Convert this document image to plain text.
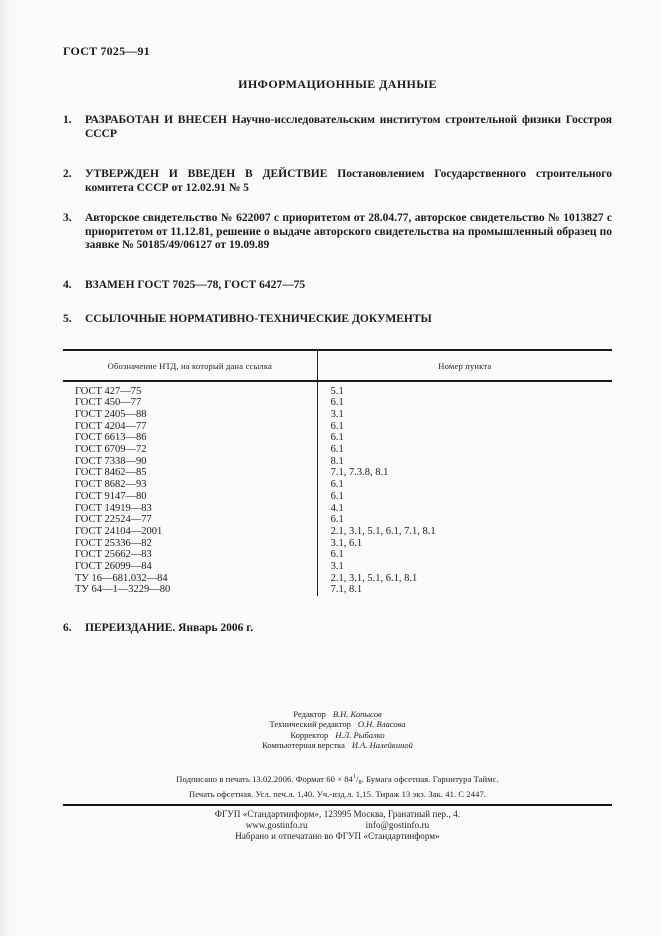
ГОСТ 7025—91
ИНФОРМАЦИОННЫЕ ДАННЫЕ
1. РАЗРАБОТАН И ВНЕСЕН Научно-исследовательским институтом строительной физики Госстроя СССР
2. УТВЕРЖДЕН И ВВЕДЕН В ДЕЙСТВИЕ Постановлением Государственного строительного комитета СССР от 12.02.91 № 5
3. Авторское свидетельство № 622007 с приоритетом от 28.04.77, авторское свидетельство № 1013827 с приоритетом от 11.12.81, решение о выдаче авторского свидетельства на промышленный образец по заявке № 50185/49/06127 от 19.09.89
4. ВЗАМЕН ГОСТ 7025—78, ГОСТ 6427—75
5. ССЫЛОЧНЫЕ НОРМАТИВНО-ТЕХНИЧЕСКИЕ ДОКУМЕНТЫ
Обозначение НТД, на который дана ссылка	Номер пункта
ГОСТ 427—75	5.1
ГОСТ 450—77	6.1
ГОСТ 2405—88	3.1
ГОСТ 4204—77	6.1
ГОСТ 6613—86	6.1
ГОСТ 6709—72	6.1
ГОСТ 7338—90	8.1
ГОСТ 8462—85	7.1, 7.3.8, 8.1
ГОСТ 8682—93	6.1
ГОСТ 9147—80	6.1
ГОСТ 14919—83	4.1
ГОСТ 22524—77	6.1
ГОСТ 24104—2001	2.1, 3.1, 5.1, 6.1, 7.1, 8.1
ГОСТ 25336—82	3.1, 6.1
ГОСТ 25662—83	6.1
ГОСТ 26099—84	3.1
ТУ 16—681.032—84	2.1, 3.1, 5.1, 6.1, 8.1
ТУ 64—1—3229—80	7.1, 8.1
6. ПЕРЕИЗДАНИЕ. Январь 2006 г.
Редактор В.Н. Копысов
Технический редактор О.Н. Власова
Корректор Н.Л. Рыбалко
Компьютерная верстка И.А. Налейкиной
Подписано в печать 13.02.2006. Формат $60 \times 84^1/_8$. Бумага офсетная. Гарнитура Таймс.
Печать офсетная. Усл. печ.л. 1,40. Уч.-изд.л. 1,15. Тираж 13 экз. Зак. 41. С 2447.
ФГУП «Стандартинформ», 123995 Москва, Гранатный пер., 4.
www.gostinfo.ru	info@gostinfo.ru
Набрано и отпечатано во ФГУП «Стандартинформ»
